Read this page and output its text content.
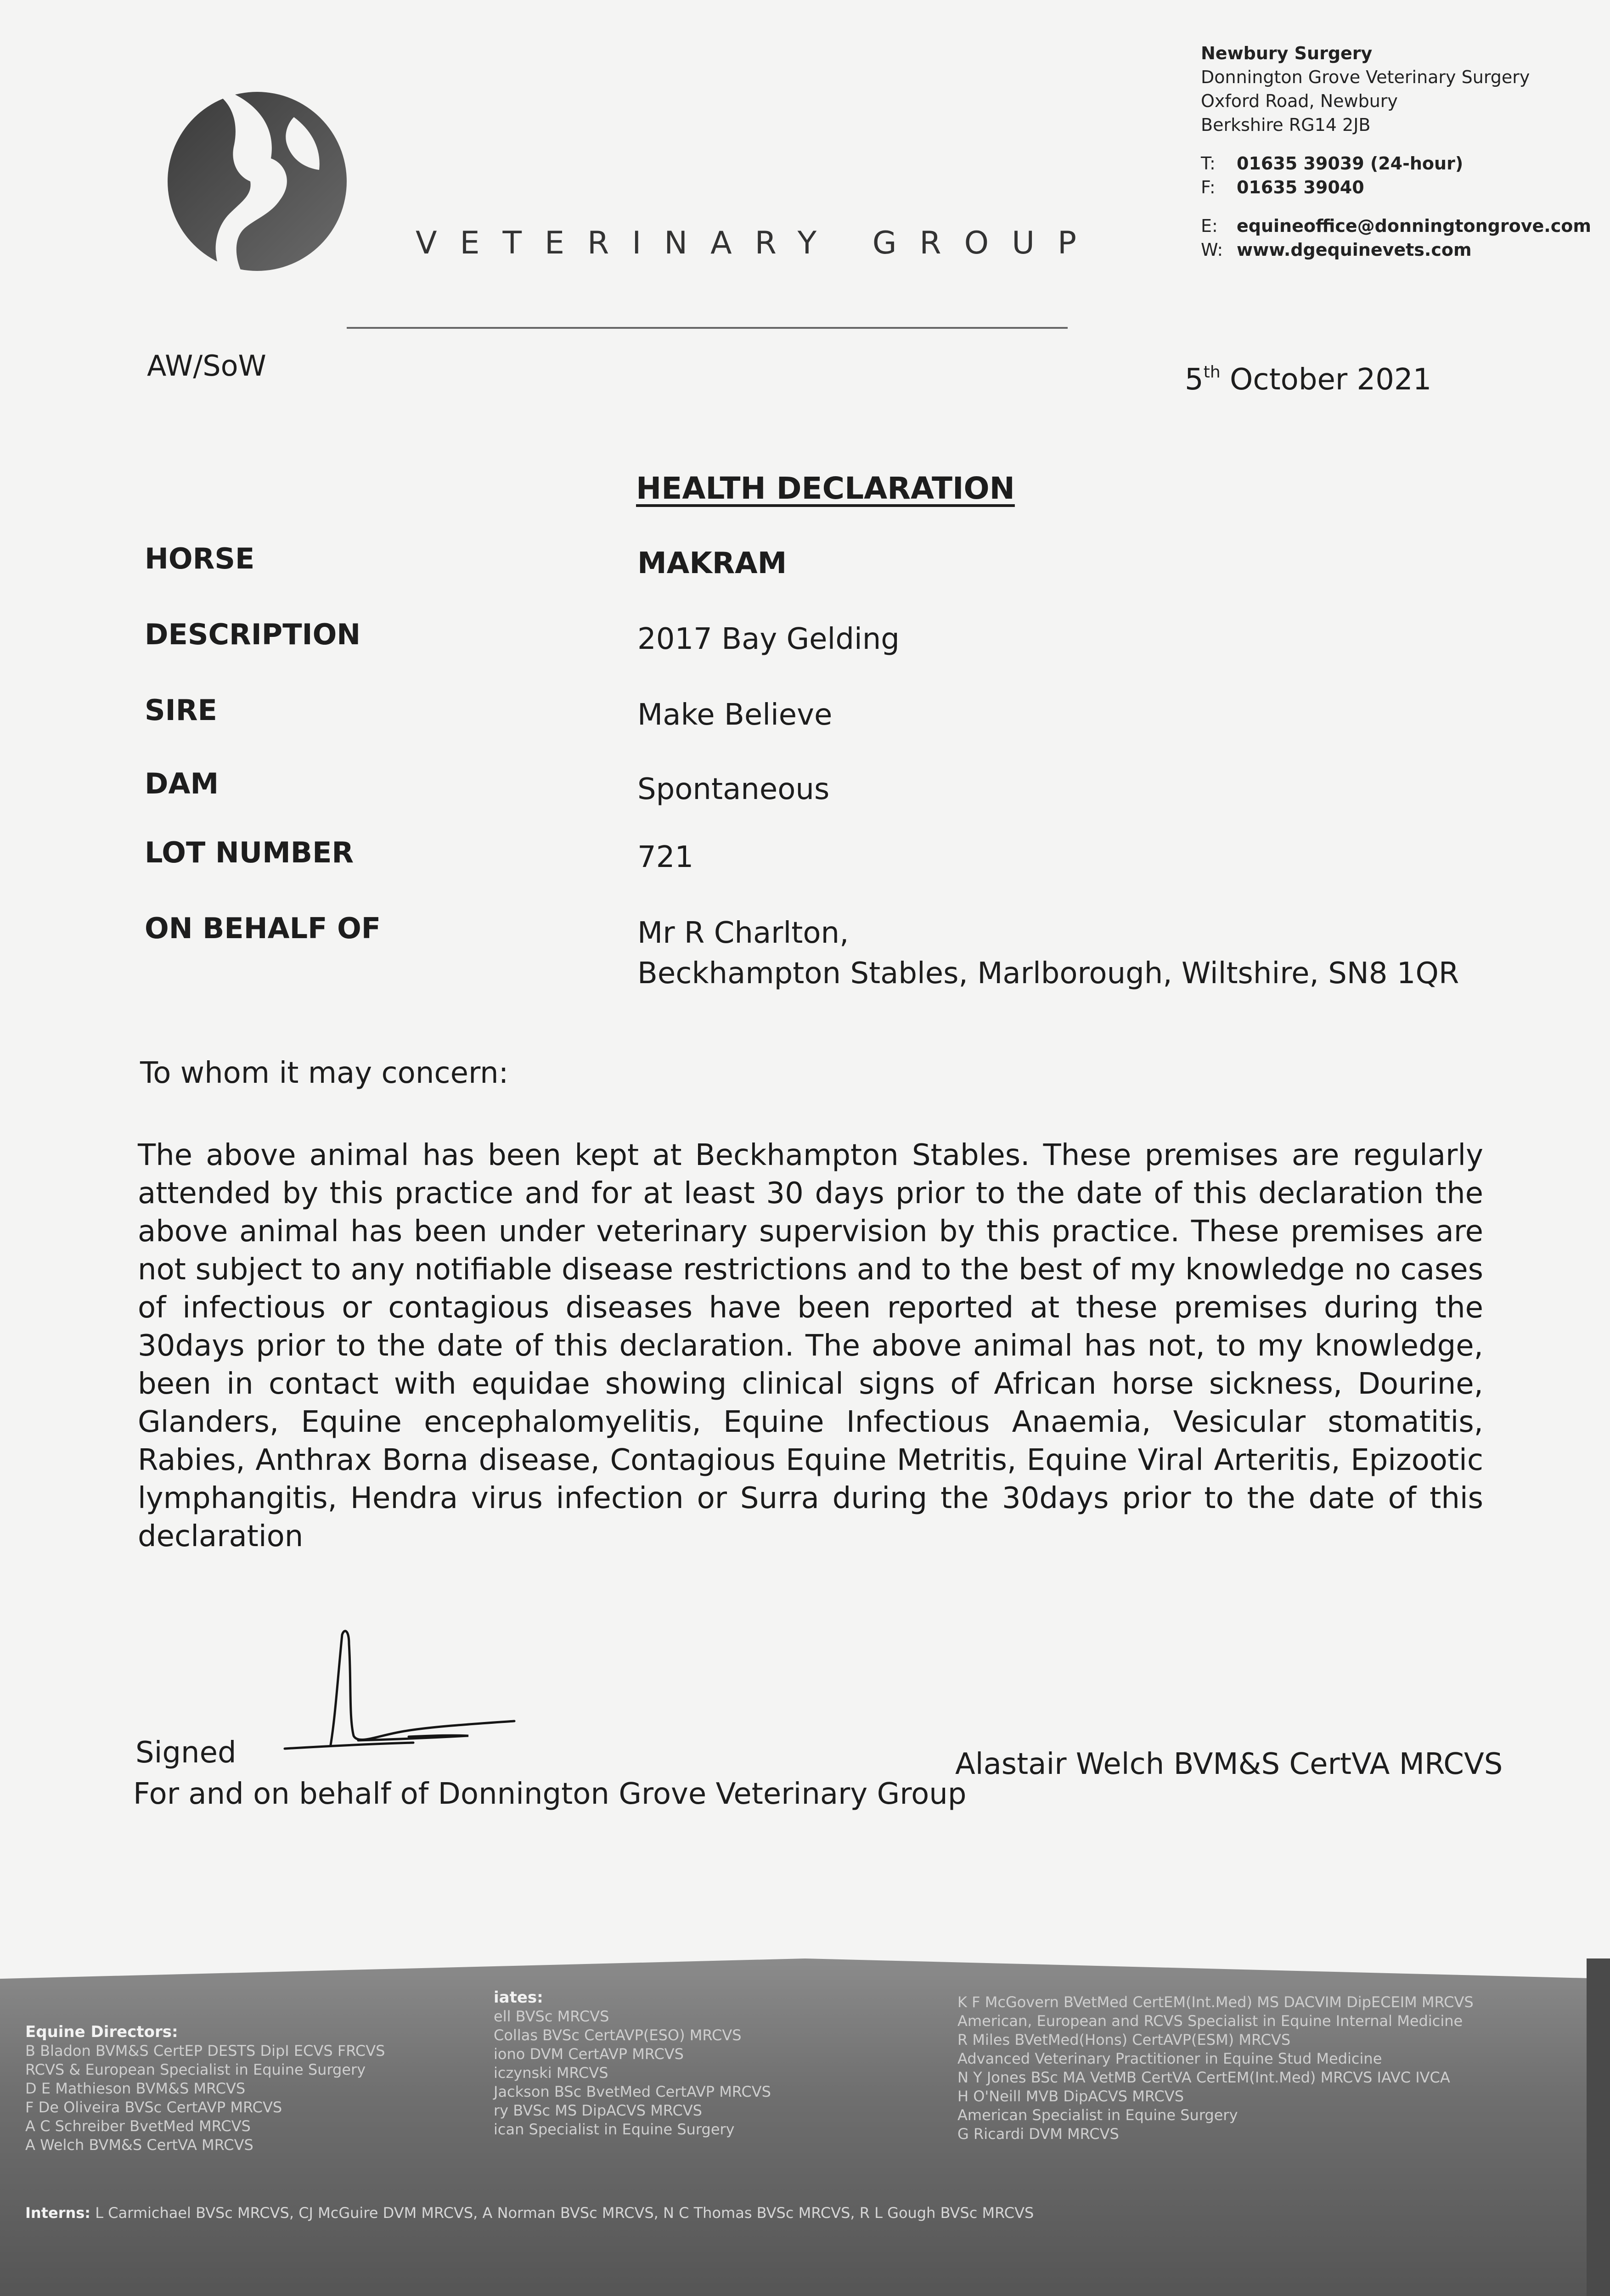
VETERINARY GROUP
Newbury Surgery
Donnington Grove Veterinary Surgery
Oxford Road, Newbury
Berkshire RG14 2JB
T: 01635 39039 (24-hour)
F: 01635 39040
E: equineoffice@donningtongrove.com
W: www.dgequinevets.com
AW/SoW	5th October 2021
HEALTH DECLARATION
HORSE	MAKRAM
DESCRIPTION	2017 Bay Gelding
SIRE	Make Believe
DAM	Spontaneous
LOT NUMBER	721
ON BEHALF OF	Mr R Charlton,
Beckhampton Stables, Marlborough, Wiltshire, SN8 1QR
To whom it may concern:
The above animal has been kept at Beckhampton Stables. These premises are regularly attended by this practice and for at least 30 days prior to the date of this declaration the above animal has been under veterinary supervision by this practice. These premises are not subject to any notifiable disease restrictions and to the best of my knowledge no cases of infectious or contagious diseases have been reported at these premises during the 30days prior to the date of this declaration. The above animal has not, to my knowledge, been in contact with equidae showing clinical signs of African horse sickness, Dourine, Glanders, Equine encephalomyelitis, Equine Infectious Anaemia, Vesicular stomatitis, Rabies, Anthrax Borna disease, Contagious Equine Metritis, Equine Viral Arteritis, Epizootic lymphangitis, Hendra virus infection or Surra during the 30days prior to the date of this declaration
Signed
For and on behalf of Donnington Grove Veterinary Group
Alastair Welch BVM&S CertVA MRCVS
Equine Directors:
B Bladon BVM&S CertEP DESTS DipI ECVS FRCVS
RCVS & European Specialist in Equine Surgery
D E Mathieson BVM&S MRCVS
F De Oliveira BVSc CertAVP MRCVS
A C Schreiber BvetMed MRCVS
A Welch BVM&S CertVA MRCVS
iates:
ell BVSc MRCVS
Collas BVSc CertAVP(ESO) MRCVS
iono DVM CertAVP MRCVS
iczynski MRCVS
Jackson BSc BvetMed CertAVP MRCVS
ry BVSc MS DipACVS MRCVS
ican Specialist in Equine Surgery
K F McGovern BVetMed CertEM(Int.Med) MS DACVIM DipECEIM MRCVS
American, European and RCVS Specialist in Equine Internal Medicine
R Miles BVetMed(Hons) CertAVP(ESM) MRCVS
Advanced Veterinary Practitioner in Equine Stud Medicine
N Y Jones BSc MA VetMB CertVA CertEM(Int.Med) MRCVS IAVC IVCA
H O'Neill MVB DipACVS MRCVS
American Specialist in Equine Surgery
G Ricardi DVM MRCVS
Interns: L Carmichael BVSc MRCVS, CJ McGuire DVM MRCVS, A Norman BVSc MRCVS, N C Thomas BVSc MRCVS, R L Gough BVSc MRCVS
